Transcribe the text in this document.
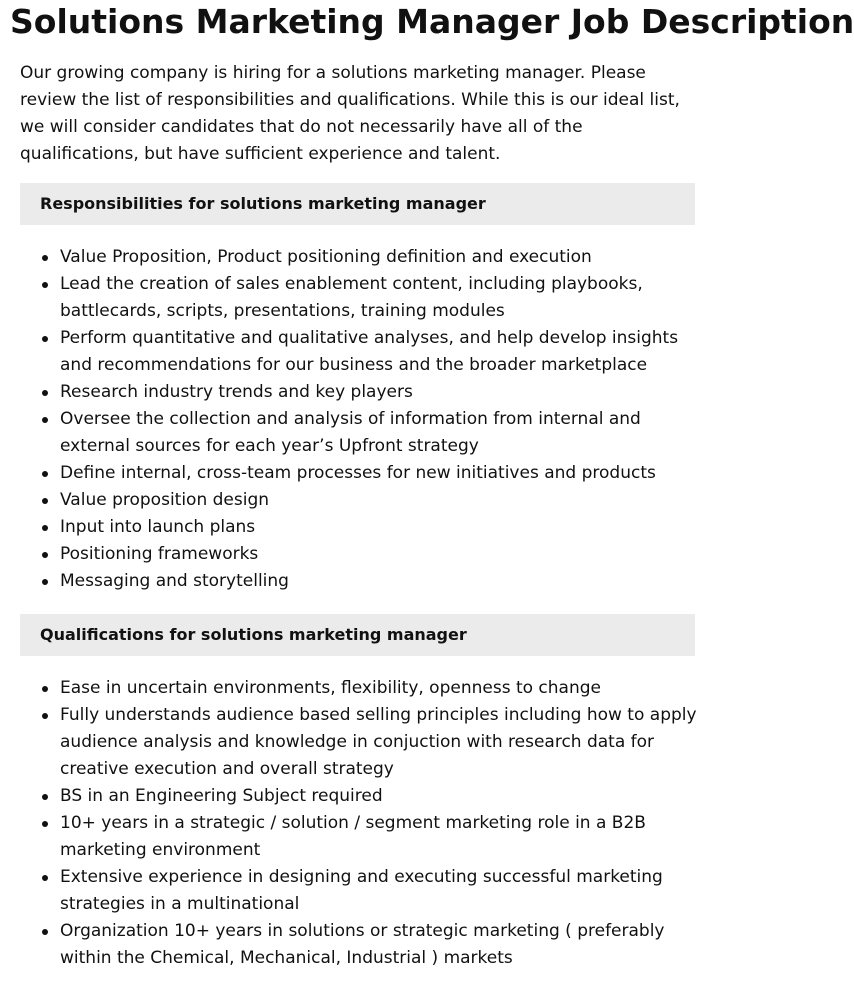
Solutions Marketing Manager Job Description

Our growing company is hiring for a solutions marketing manager. Please review the list of responsibilities and qualifications. While this is our ideal list, we will consider candidates that do not necessarily have all of the qualifications, but have sufficient experience and talent.

Responsibilities for solutions marketing manager
Value Proposition, Product positioning definition and execution
Lead the creation of sales enablement content, including playbooks, battlecards, scripts, presentations, training modules
Perform quantitative and qualitative analyses, and help develop insights and recommendations for our business and the broader marketplace
Research industry trends and key players
Oversee the collection and analysis of information from internal and external sources for each year’s Upfront strategy
Define internal, cross-team processes for new initiatives and products
Value proposition design
Input into launch plans
Positioning frameworks
Messaging and storytelling
Qualifications for solutions marketing manager
Ease in uncertain environments, flexibility, openness to change
Fully understands audience based selling principles including how to apply audience analysis and knowledge in conjuction with research data for creative execution and overall strategy
BS in an Engineering Subject required
10+ years in a strategic / solution / segment marketing role in a B2B marketing environment
Extensive experience in designing and executing successful marketing strategies in a multinational
Organization 10+ years in solutions or strategic marketing ( preferably within the Chemical, Mechanical, Industrial ) markets
